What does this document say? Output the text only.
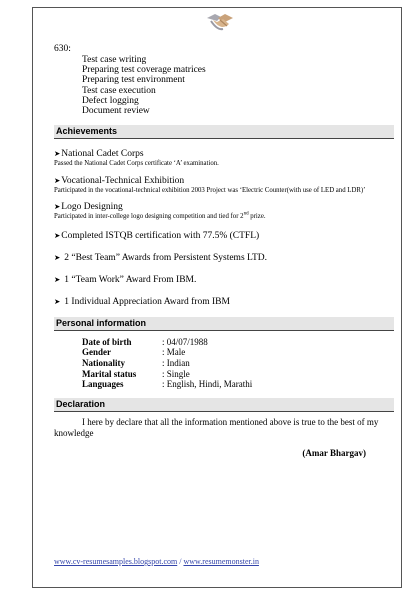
630:

Test case writing
Preparing test coverage matrices
Preparing test environment
Test case execution
Defect logging
Document review
Achievements
➤ National Cadet Corps
Passed the National Cadet Corps certificate ‘A’ examination.
➤ Vocational-Technical Exhibition
Participated in the vocational-technical exhibition 2003 Project was ‘Electric Counter(with use of LED and LDR)’
➤ Logo Designing
Participated in inter-college logo designing competition and tied for 2nd prize.
➤ Completed ISTQB certification with 77.5% (CTFL)
➤ 2 “Best Team” Awards from Persistent Systems LTD.
➤ 1 “Team Work” Award From IBM.
➤ 1 Individual Appreciation Award from IBM
Personal information
Date of birth	: 04/07/1988
Gender	: Male
Nationality	: Indian
Marital status	: Single
Languages	: English, Hindi, Marathi
Declaration

I here by declare that all the information mentioned above is true to the best of my knowledge

(Amar Bhargav)
www.cv-resumesamples.blogspot.com / www.resumemonster.in
